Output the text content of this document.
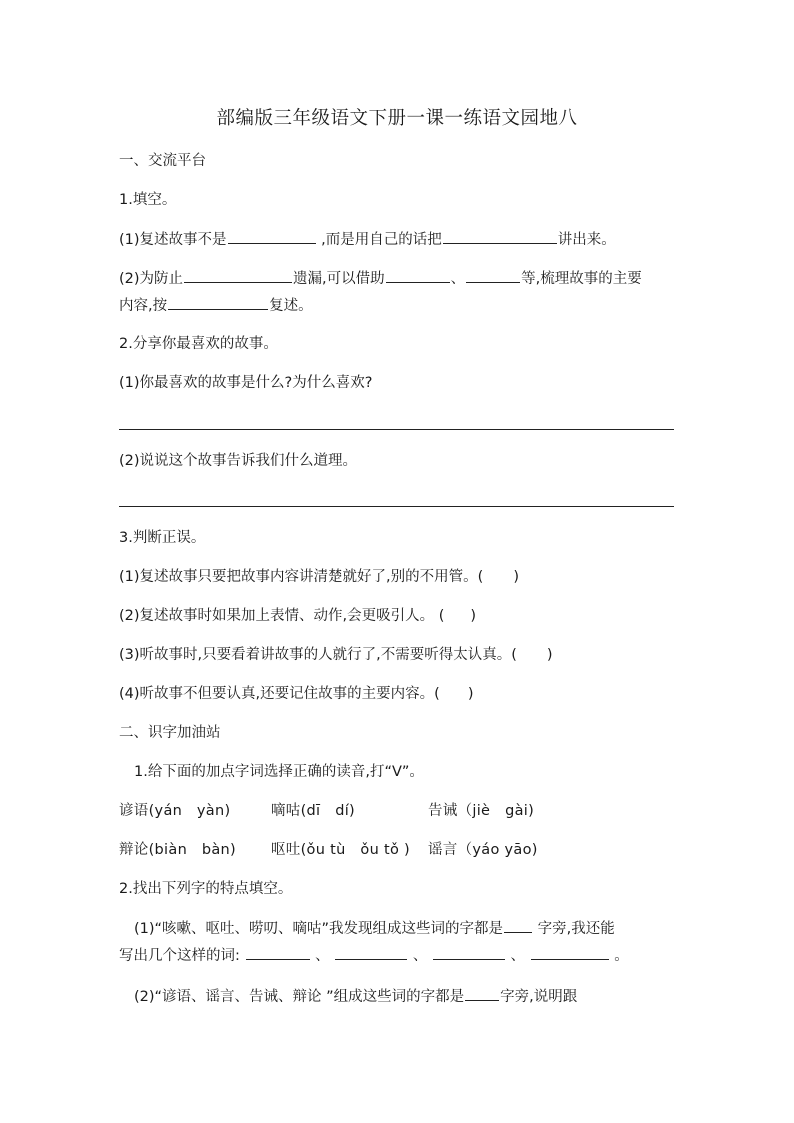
部编版三年级语文下册一课一练语文园地八
一、交流平台
1.填空。
(1)复述故事不是	,而是用自己的话把	讲出来。
(2)为防止	遗漏,可以借助	、	等,梳理故事的主要
内容,按	复述。
2.分享你最喜欢的故事。
(1)你最喜欢的故事是什么?为什么喜欢?
(2)说说这个故事告诉我们什么道理。
3.判断正误。
(1)复述故事只要把故事内容讲清楚就好了,别的不用管。( )
(2)复述故事时如果加上表情、动作,会更吸引人。 ( )
(3)听故事时,只要看着讲故事的人就行了,不需要听得太认真。( )
(4)听故事不但要认真,还要记住故事的主要内容。( )
二、识字加油站
1.给下面的加点字词选择正确的读音,打“V”。
谚语(yán　yàn)	嘀咕(dī　dí)	告诫（jiè　gài)
辩论(biàn　bàn) 呕吐(ǒu tù　ǒu tǒ ) 谣言（yáo yāo)
2.找出下列字的特点填空。
(1)“咳嗽、呕吐、唠叨、嘀咕”我发现组成这些词的字都是 字旁,我还能
写出几个这样的词:	、	、	、	。
(2)“谚语、谣言、告诫、辩论 ”组成这些词的字都是 字旁,说明跟
